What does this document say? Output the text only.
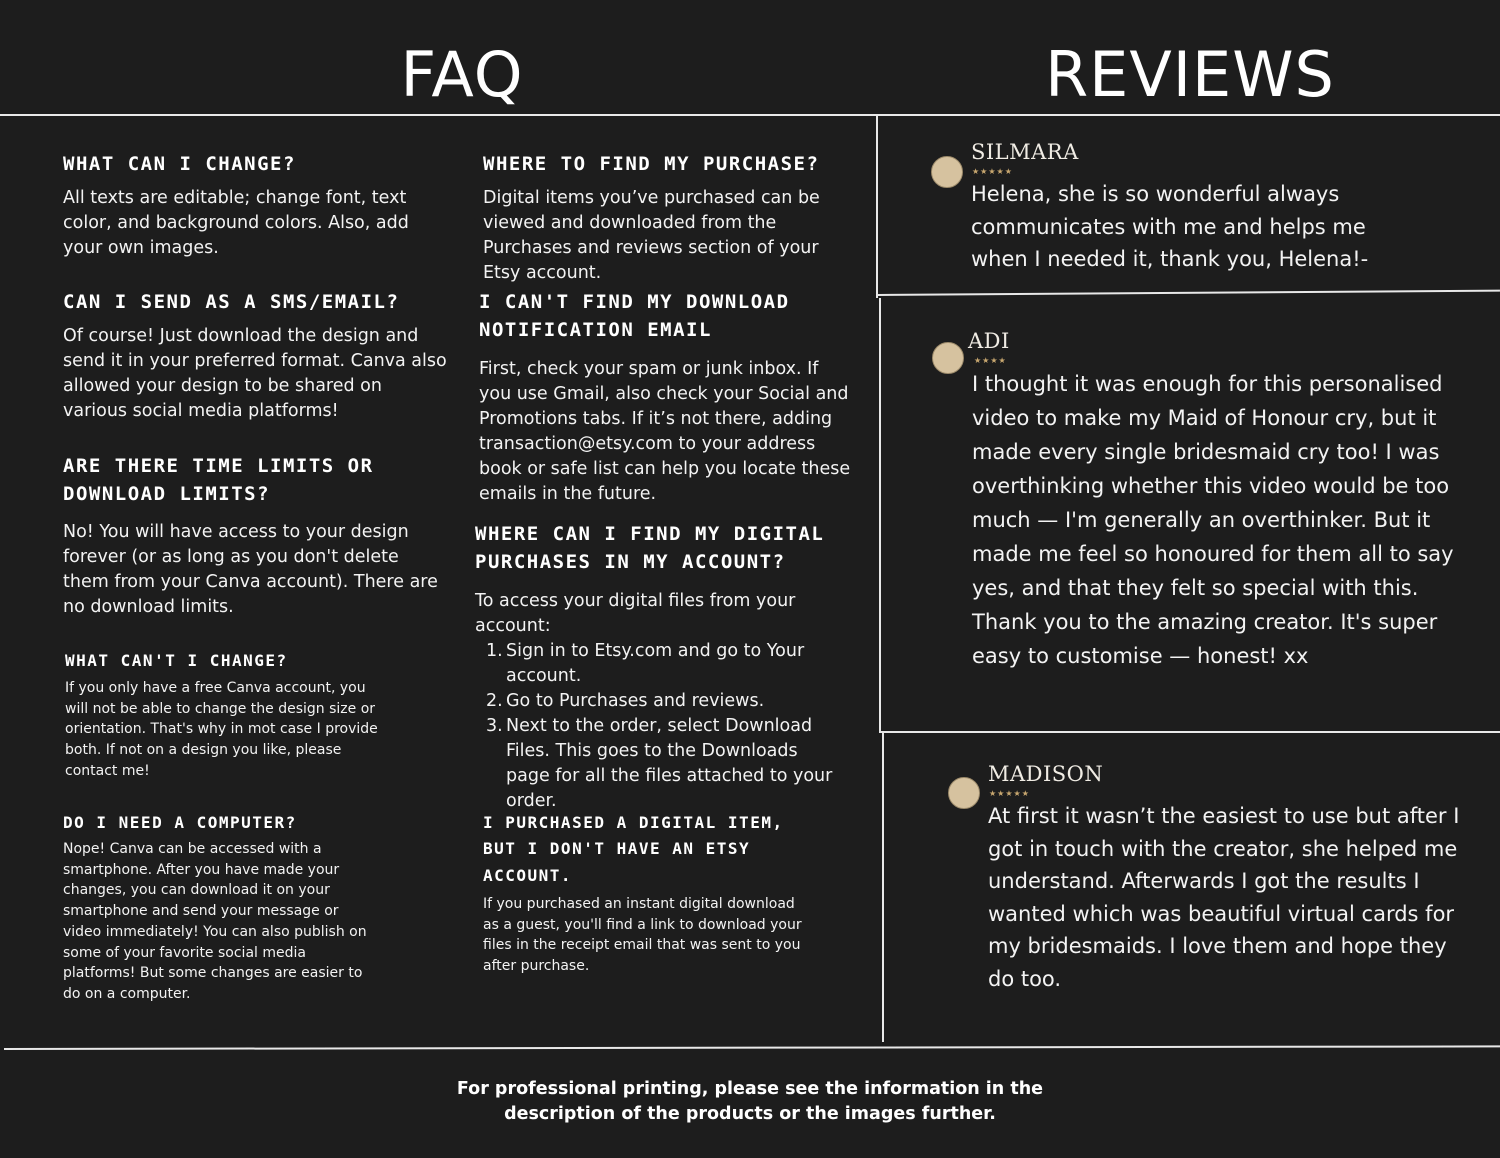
FAQ	REVIEWS
WHAT CAN I CHANGE?
All texts are editable; change font, text color, and background colors. Also, add your own images.
CAN I SEND AS A SMS/EMAIL?
Of course! Just download the design and send it in your preferred format. Canva also allowed your design to be shared on various social media platforms!
ARE THERE TIME LIMITS OR DOWNLOAD LIMITS?
No! You will have access to your design forever (or as long as you don't delete them from your Canva account). There are no download limits.
WHAT CAN'T I CHANGE?
If you only have a free Canva account, you will not be able to change the design size or orientation. That's why in mot case I provide both. If not on a design you like, please contact me!
DO I NEED A COMPUTER?
Nope! Canva can be accessed with a smartphone. After you have made your changes, you can download it on your smartphone and send your message or video immediately! You can also publish on some of your favorite social media platforms! But some changes are easier to do on a computer.
WHERE TO FIND MY PURCHASE?
Digital items you’ve purchased can be viewed and downloaded from the Purchases and reviews section of your Etsy account.
I CAN'T FIND MY DOWNLOAD NOTIFICATION EMAIL
First, check your spam or junk inbox. If you use Gmail, also check your Social and Promotions tabs. If it’s not there, adding transaction@etsy.com to your address book or safe list can help you locate these emails in the future.
WHERE CAN I FIND MY DIGITAL PURCHASES IN MY ACCOUNT?
To access your digital files from your account:
Sign in to Etsy.com and go to Your account.
Go to Purchases and reviews.
Next to the order, select Download Files. This goes to the Downloads page for all the files attached to your order.
I PURCHASED A DIGITAL ITEM, BUT I DON'T HAVE AN ETSY ACCOUNT.
If you purchased an instant digital download as a guest, you'll find a link to download your files in the receipt email that was sent to you after purchase.
SILMARA
★★★★★
Helena, she is so wonderful always communicates with me and helps me when I needed it, thank you, Helena!-
ADI
★★★★
I thought it was enough for this personalised video to make my Maid of Honour cry, but it made every single bridesmaid cry too! I was overthinking whether this video would be too much — I'm generally an overthinker. But it made me feel so honoured for them all to say yes, and that they felt so special with this. Thank you to the amazing creator. It's super easy to customise — honest! xx
MADISON
★★★★★
At first it wasn’t the easiest to use but after I got in touch with the creator, she helped me understand. Afterwards I got the results I wanted which was beautiful virtual cards for my bridesmaids. I love them and hope they do too.
For professional printing, please see the information in the
description of the products or the images further.
